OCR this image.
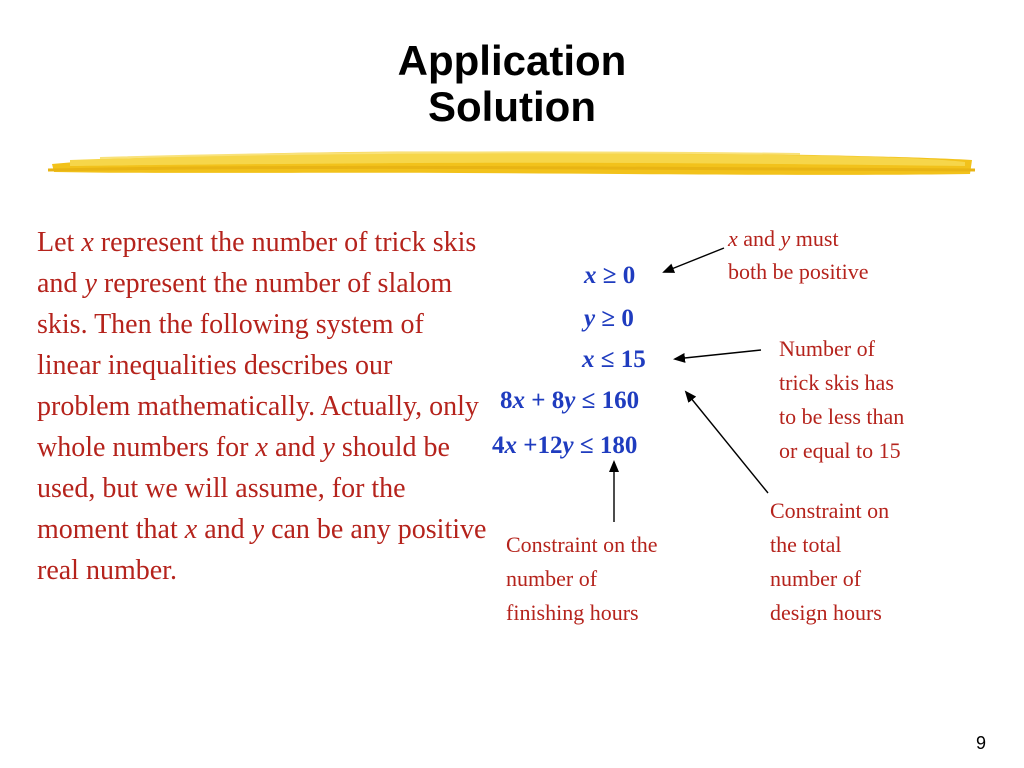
Application
Solution
Let x represent the number of trick skis and y represent the number of slalom skis. Then the following system of linear inequalities describes our problem mathematically. Actually, only whole numbers for x and y should be used, but we will assume, for the moment that x and y can be any positive real number.
x ≥ 0
y ≥ 0
x ≤ 15
8x + 8y ≤ 160
4x +12y ≤ 180
x and y must
both be positive
Number of
trick skis has
to be less than
or equal to 15
Constraint on the
number of
finishing hours
Constraint on
the total
number of
design hours
9
